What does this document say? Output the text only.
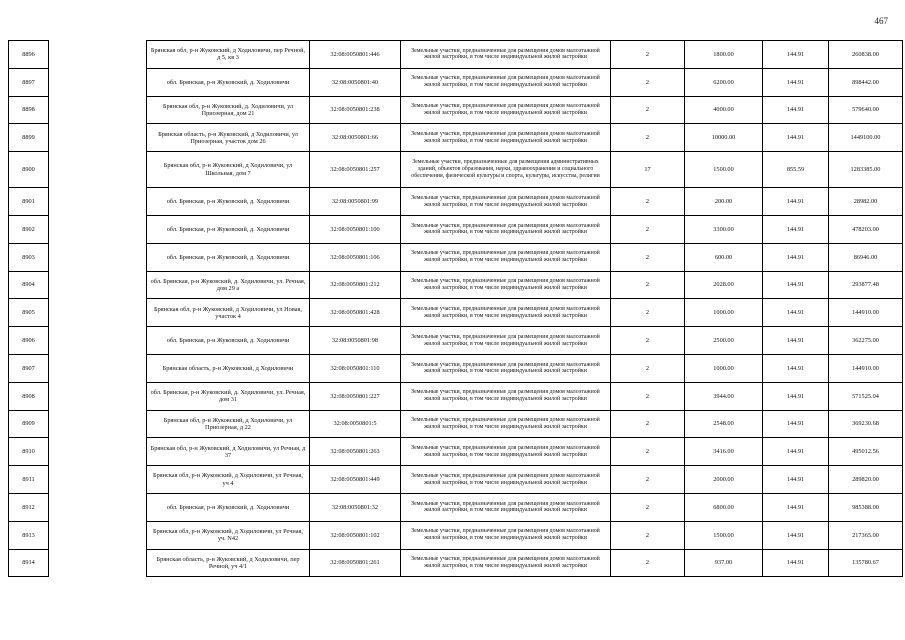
467
8896		Брянская обл, р-н Жуковский, д Ходиловичи, пер Речной, д 5, кв 3	32:08:0050801:446	Земельные участки, предназначенные для размещения домов малоэтажной жилой застройки, в том числе индивидуальной жилой застройки	2	1800.00	144.91	260838.00
8897		обл. Брянская, р-н Жуковский, д. Ходиловичи	32:08:0050801:40	Земельные участки, предназначенные для размещения домов малоэтажной жилой застройки, в том числе индивидуальной жилой застройки	2	6200.00	144.91	898442.00
8898		Брянская обл, р-н Жуковский, д. Ходиловичи, ул Приозерная, дом 21	32:08:0050801:238	Земельные участки, предназначенные для размещения домов малоэтажной жилой застройки, в том числе индивидуальной жилой застройки	2	4000.00	144.91	579640.00
8899		Брянская область, р-н Жуковский, д Ходиловичи, ул Приозерная, участок дом 26	32:08:0050801:66	Земельные участки, предназначенные для размещения домов малоэтажной жилой застройки, в том числе индивидуальной жилой застройки	2	10000.00	144.91	1449100.00
8900		Брянская обл, р-н Жуковский, д Ходиловичи, ул Школьная, дом 7	32:08:0050801:257	Земельные участки, предназначенные для размещения административных зданий, объектов образования, науки, здравоохранения и социального обеспечения, физической культуры и спорта, культуры, искусства, религии	17	1500.00	855.59	1283385.00
8901		обл. Брянская, р-н Жуковский, д. Ходиловичи	32:08:0050801:99	Земельные участки, предназначенные для размещения домов малоэтажной жилой застройки, в том числе индивидуальной жилой застройки	2	200.00	144.91	28982.00
8902		обл. Брянская, р-н Жуковский, д. Ходиловичи	32:08:0050801:100	Земельные участки, предназначенные для размещения домов малоэтажной жилой застройки, в том числе индивидуальной жилой застройки	2	3300.00	144.91	478203.00
8903		обл. Брянская, р-н Жуковский, д. Ходиловичи	32:08:0050801:106	Земельные участки, предназначенные для размещения домов малоэтажной жилой застройки, в том числе индивидуальной жилой застройки	2	600.00	144.91	86946.00
8904		обл. Брянская, р-н Жуковский, д. Ходиловичи, ул. Речная, дом 29 а	32:08:0050801:212	Земельные участки, предназначенные для размещения домов малоэтажной жилой застройки, в том числе индивидуальной жилой застройки	2	2028.00	144.91	293877.48
8905		Брянская обл, р-н Жуковский, д Ходиловичи, ул Новая, участок 4	32:08:0050801:428	Земельные участки, предназначенные для размещения домов малоэтажной жилой застройки, в том числе индивидуальной жилой застройки	2	1000.00	144.91	144910.00
8906		обл. Брянская, р-н Жуковский, д. Ходиловичи	32:08:0050801:98	Земельные участки, предназначенные для размещения домов малоэтажной жилой застройки, в том числе индивидуальной жилой застройки	2	2500.00	144.91	362275.00
8907		Брянская область, р-н Жуковский, д Ходиловичи	32:08:0050801:110	Земельные участки, предназначенные для размещения домов малоэтажной жилой застройки, в том числе индивидуальной жилой застройки	2	1000.00	144.91	144910.00
8908		обл. Брянская, р-н Жуковский, д. Ходиловичи, ул. Речная, дом 31	32:08:0050801:227	Земельные участки, предназначенные для размещения домов малоэтажной жилой застройки, в том числе индивидуальной жилой застройки	2	3944.00	144.91	571525.04
8909		Брянская обл, р-н Жуковский, д Ходиловичи, ул Приозерная, д 22	32:08:0050801:5	Земельные участки, предназначенные для размещения домов малоэтажной жилой застройки, в том числе индивидуальной жилой застройки	2	2548.00	144.91	369230.68
8910		Брянская обл, р-н Жуковский, д Ходиловичи, ул Речная, д 37	32:08:0050801:263	Земельные участки, предназначенные для размещения домов малоэтажной жилой застройки, в том числе индивидуальной жилой застройки	2	3416.00	144.91	495012.56
8911		Брянская обл, р-н Жуковский, д Ходиловичи, ул Речная, уч 4	32:08:0050801:449	Земельные участки, предназначенные для размещения домов малоэтажной жилой застройки, в том числе индивидуальной жилой застройки	2	2000.00	144.91	289820.00
8912		обл. Брянская, р-н Жуковский, д. Ходиловичи	32:08:0050801:32	Земельные участки, предназначенные для размещения домов малоэтажной жилой застройки, в том числе индивидуальной жилой застройки	2	6800.00	144.91	985388.00
8913		Брянская обл, р-н Жуковский, д Ходиловичи, ул Речная, уч. N42	32:08:0050801:102	Земельные участки, предназначенные для размещения домов малоэтажной жилой застройки, в том числе индивидуальной жилой застройки	2	1500.00	144.91	217365.00
8914		Брянская область, р-н Жуковский, д Ходиловичи, пер Речной, уч 4/1	32:08:0050801:261	Земельные участки, предназначенные для размещения домов малоэтажной жилой застройки, в том числе индивидуальной жилой застройки	2	937.00	144.91	135780.67
